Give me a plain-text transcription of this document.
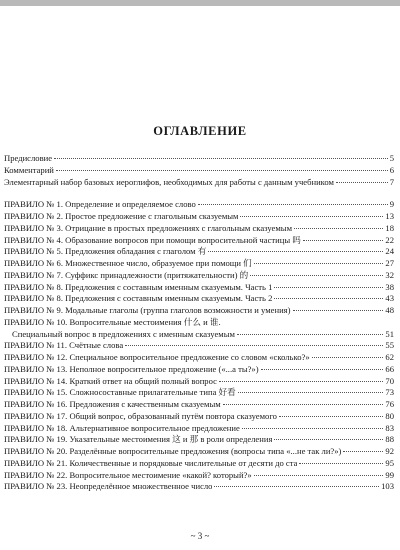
ОГЛАВЛЕНИЕ
Предисловие	5
Комментарий	6
Элементарный набор базовых иероглифов, необходимых для работы с данным учебником	7
ПРАВИЛО № 1. Определение и определяемое слово	9
ПРАВИЛО № 2. Простое предложение с глагольным сказуемым	13
ПРАВИЛО № 3. Отрицание в простых предложениях с глагольным сказуемым	18
ПРАВИЛО № 4. Образование вопросов при помощи вопросительной частицы 吗	22
ПРАВИЛО № 5. Предложения обладания с глаголом 有	24
ПРАВИЛО № 6. Множественное число, образуемое при помощи 们	27
ПРАВИЛО № 7. Суффикс принадлежности (притяжательности) 的	32
ПРАВИЛО № 8. Предложения с составным именным сказуемым. Часть 1	38
ПРАВИЛО № 8. Предложения с составным именным сказуемым. Часть 2	43
ПРАВИЛО № 9. Модальные глаголы (группа глаголов возможности и умения)	48
ПРАВИЛО № 10. Вопросительные местоимения 什么 и 谁.
Специальный вопрос в предложениях с именным сказуемым	51
ПРАВИЛО № 11. Счётные слова	55
ПРАВИЛО № 12. Специальное вопросительное предложение со словом «сколько?»	62
ПРАВИЛО № 13. Неполное вопросительное предложение («...а ты?»)	66
ПРАВИЛО № 14. Краткий ответ на общий полный вопрос	70
ПРАВИЛО № 15. Сложносоставные прилагательные типа 好看	73
ПРАВИЛО № 16. Предложения с качественным сказуемым	76
ПРАВИЛО № 17. Общий вопрос, образованный путём повтора сказуемого	80
ПРАВИЛО № 18. Альтернативное вопросительное предложение	83
ПРАВИЛО № 19. Указательные местоимения 这 и 那 в роли определения	88
ПРАВИЛО № 20. Разделённые вопросительные предложения (вопросы типа «...не так ли?»)	92
ПРАВИЛО № 21. Количественные и порядковые числительные от десяти до ста	95
ПРАВИЛО № 22. Вопросительное местоимение «какой? который?»	99
ПРАВИЛО № 23. Неопределённое множественное число	103
~ 3 ~
